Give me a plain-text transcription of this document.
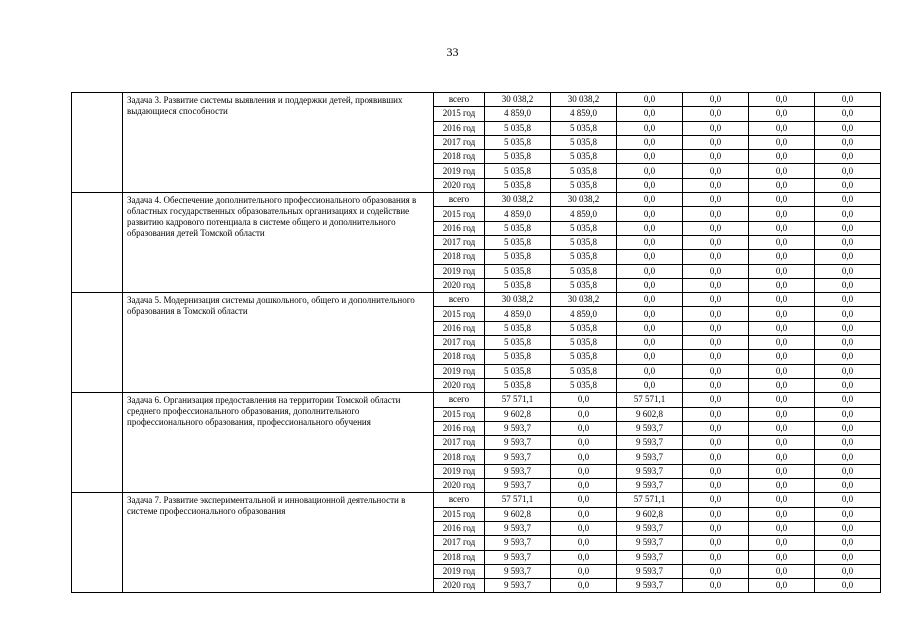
33
	Задача 3. Развитие системы выявления и поддержки детей, проявивших выдающиеся способности	всего	30 038,2	30 038,2	0,0	0,0	0,0	0,0
		2015 год	4 859,0	4 859,0	0,0	0,0	0,0	0,0
		2016 год	5 035,8	5 035,8	0,0	0,0	0,0	0,0
		2017 год	5 035,8	5 035,8	0,0	0,0	0,0	0,0
		2018 год	5 035,8	5 035,8	0,0	0,0	0,0	0,0
		2019 год	5 035,8	5 035,8	0,0	0,0	0,0	0,0
		2020 год	5 035,8	5 035,8	0,0	0,0	0,0	0,0
	Задача 4. Обеспечение дополнительного профессионального образования в областных государственных образовательных организациях и содействие развитию кадрового потенциала в системе общего и дополнительного образования детей Томской области	всего	30 038,2	30 038,2	0,0	0,0	0,0	0,0
		2015 год	4 859,0	4 859,0	0,0	0,0	0,0	0,0
		2016 год	5 035,8	5 035,8	0,0	0,0	0,0	0,0
		2017 год	5 035,8	5 035,8	0,0	0,0	0,0	0,0
		2018 год	5 035,8	5 035,8	0,0	0,0	0,0	0,0
		2019 год	5 035,8	5 035,8	0,0	0,0	0,0	0,0
		2020 год	5 035,8	5 035,8	0,0	0,0	0,0	0,0
	Задача 5. Модернизация системы дошкольного, общего и дополнительного образования в Томской области	всего	30 038,2	30 038,2	0,0	0,0	0,0	0,0
		2015 год	4 859,0	4 859,0	0,0	0,0	0,0	0,0
		2016 год	5 035,8	5 035,8	0,0	0,0	0,0	0,0
		2017 год	5 035,8	5 035,8	0,0	0,0	0,0	0,0
		2018 год	5 035,8	5 035,8	0,0	0,0	0,0	0,0
		2019 год	5 035,8	5 035,8	0,0	0,0	0,0	0,0
		2020 год	5 035,8	5 035,8	0,0	0,0	0,0	0,0
	Задача 6. Организация предоставления на территории Томской области среднего профессионального образования, дополнительного профессионального образования, профессионального обучения	всего	57 571,1	0,0	57 571,1	0,0	0,0	0,0
		2015 год	9 602,8	0,0	9 602,8	0,0	0,0	0,0
		2016 год	9 593,7	0,0	9 593,7	0,0	0,0	0,0
		2017 год	9 593,7	0,0	9 593,7	0,0	0,0	0,0
		2018 год	9 593,7	0,0	9 593,7	0,0	0,0	0,0
		2019 год	9 593,7	0,0	9 593,7	0,0	0,0	0,0
		2020 год	9 593,7	0,0	9 593,7	0,0	0,0	0,0
	Задача 7. Развитие экспериментальной и инновационной деятельности в системе профессионального образования	всего	57 571,1	0,0	57 571,1	0,0	0,0	0,0
		2015 год	9 602,8	0,0	9 602,8	0,0	0,0	0,0
		2016 год	9 593,7	0,0	9 593,7	0,0	0,0	0,0
		2017 год	9 593,7	0,0	9 593,7	0,0	0,0	0,0
		2018 год	9 593,7	0,0	9 593,7	0,0	0,0	0,0
		2019 год	9 593,7	0,0	9 593,7	0,0	0,0	0,0
		2020 год	9 593,7	0,0	9 593,7	0,0	0,0	0,0
